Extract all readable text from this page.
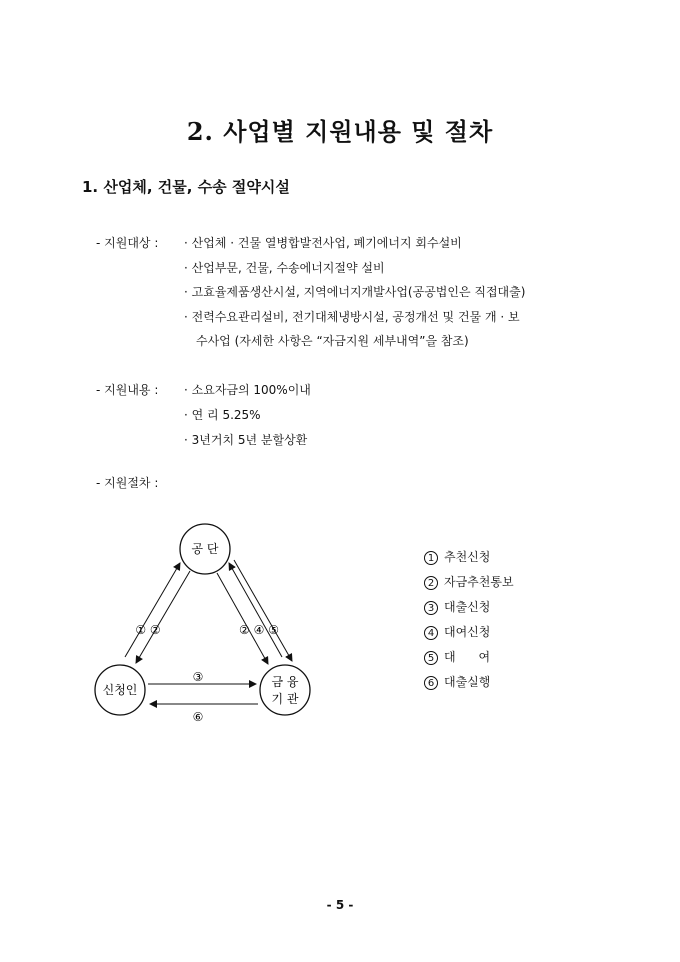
2. 사업별 지원내용 및 절차
1. 산업체, 건물, 수송 절약시설
- 지원대상 : · 산업체 · 건물 열병합발전사업, 폐기에너지 회수설비
· 산업부문, 건물, 수송에너지절약 설비
· 고효율제품생산시설, 지역에너지개발사업(공공법인은 직접대출)
· 전력수요관리설비, 전기대체냉방시설, 공정개선 및 건물 개 · 보
수사업 (자세한 사항은 “자금지원 세부내역”을 참조)
- 지원내용 : · 소요자금의 100%이내
· 연 리 5.25%
· 3년거치 5년 분할상환
- 지원절차 :
공 단
신청인
금 융
기 관
① ②	② ④ ⑤
③
⑥
1 추천신청
2 자금추천통보
3 대출신청
4 대여신청
5 대      여
6 대출실행
- 5 -
